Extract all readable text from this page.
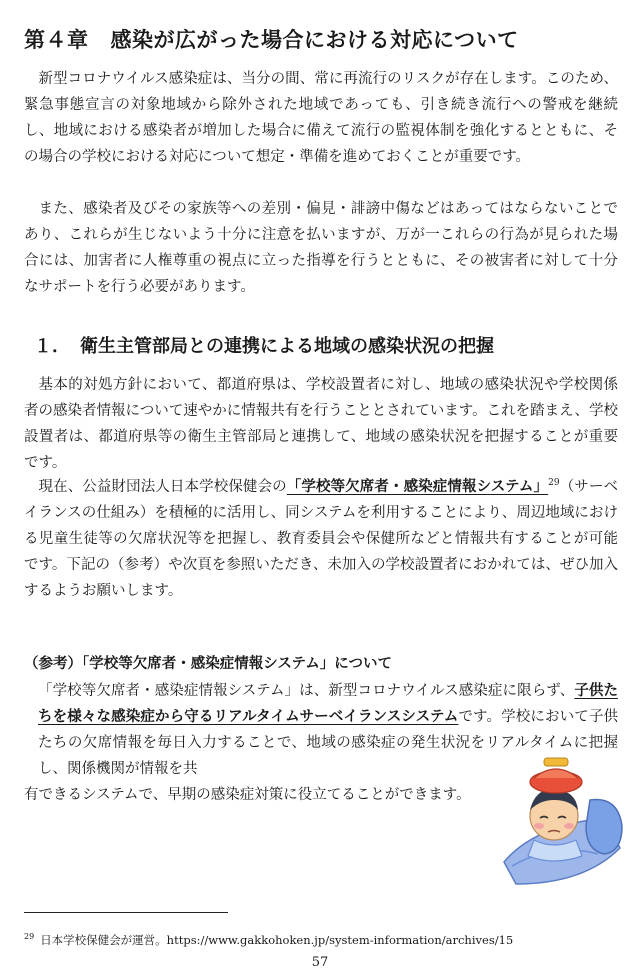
第４章 感染が広がった場合における対応について

新型コロナウイルス感染症は、当分の間、常に再流行のリスクが存在します。このため、緊急事態宣言の対象地域から除外された地域であっても、引き続き流行への警戒を継続し、地域における感染者が増加した場合に備えて流行の監視体制を強化するとともに、その場合の学校における対応について想定・準備を進めておくことが重要です。

また、感染者及びその家族等への差別・偏見・誹謗中傷などはあってはならないことであり、これらが生じないよう十分に注意を払いますが、万が一これらの行為が見られた場合には、加害者に人権尊重の視点に立った指導を行うとともに、その被害者に対して十分なサポートを行う必要があります。

１． 衛生主管部局との連携による地域の感染状況の把握

基本的対処方針において、都道府県は、学校設置者に対し、地域の感染状況や学校関係者の感染者情報について速やかに情報共有を行うこととされています。これを踏まえ、学校設置者は、都道府県等の衛生主管部局と連携して、地域の感染状況を把握することが重要です。

現在、公益財団法人日本学校保健会の「学校等欠席者・感染症情報システム」$^{29}$（サーベイランスの仕組み）を積極的に活用し、同システムを利用することにより、周辺地域における児童生徒等の欠席状況等を把握し、教育委員会や保健所などと情報共有することが可能です。下記の（参考）や次頁を参照いただき、未加入の学校設置者におかれては、ぜひ加入するようお願いします。

（参考）「学校等欠席者・感染症情報システム」について

「学校等欠席者・感染症情報システム」は、新型コロナウイルス感染症に限らず、子供たちを様々な感染症から守るリアルタイムサーベイランスシステムです。学校において子供たちの欠席情報を毎日入力することで、地域の感染症の発生状況をリアルタイムに把握し、関係機関が情報を共

有できるシステムで、早期の感染症対策に役立てることができます。

$^{29}$ 日本学校保健会が運営。https://www.gakkohoken.jp/system-information/archives/15

57
